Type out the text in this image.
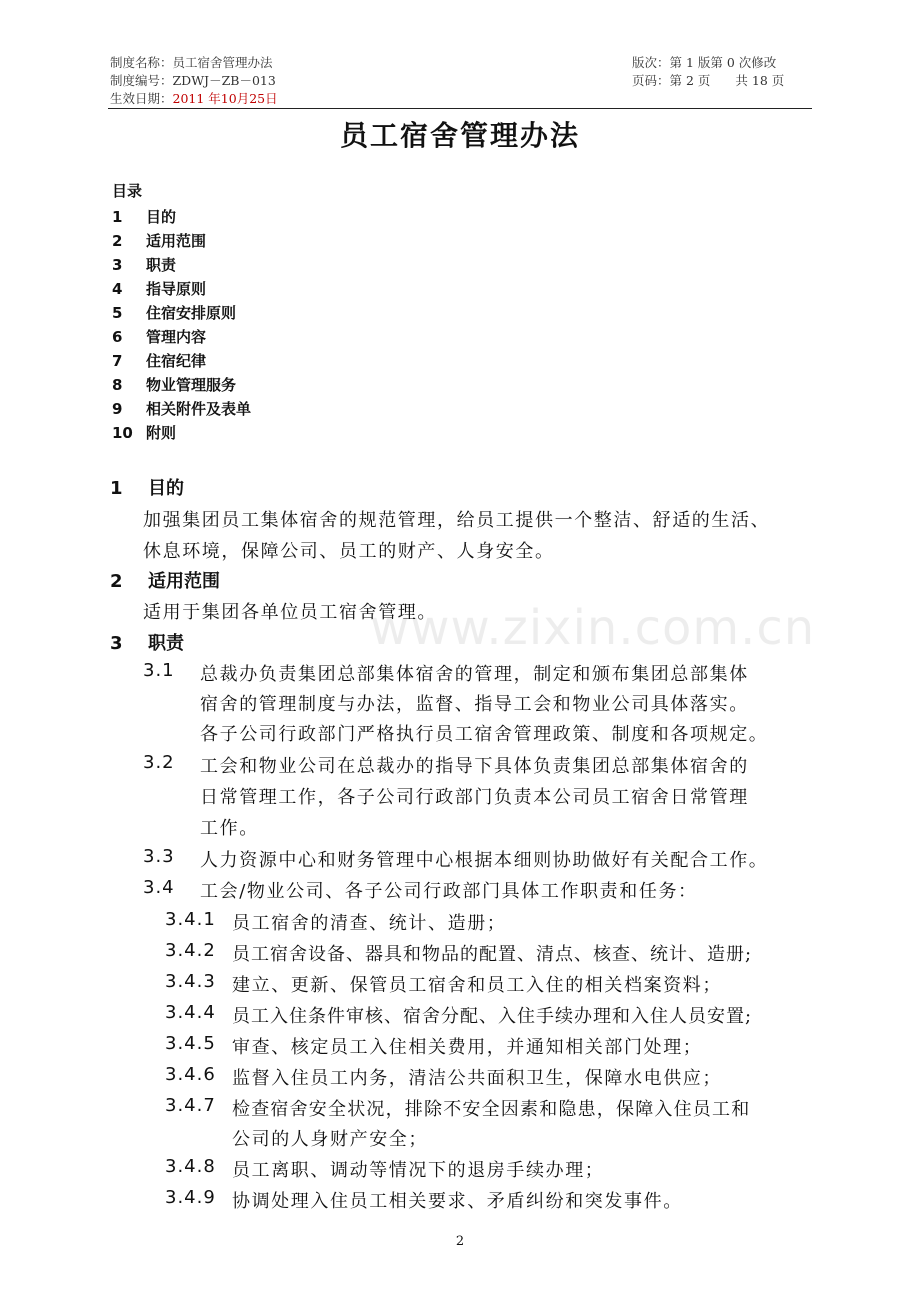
制度名称：员工宿舍管理办法	版次：第 1 版第 0 次修改
制度编号：ZDWJ－ZB－013	页码：第 2 页　　共 18 页
生效日期：2011 年10月25日
员工宿舍管理办法
目录
1 目的
2 适用范围
3 职责
4 指导原则
5 住宿安排原则
6 管理内容
7 住宿纪律
8 物业管理服务
9 相关附件及表单
10 附则
1 目的
加强集团员工集体宿舍的规范管理，给员工提供一个整洁、舒适的生活、
休息环境，保障公司、员工的财产、人身安全。
2 适用范围
适用于集团各单位员工宿舍管理。
3 职责
3.1 总裁办负责集团总部集体宿舍的管理，制定和颁布集团总部集体
宿舍的管理制度与办法，监督、指导工会和物业公司具体落实。
各子公司行政部门严格执行员工宿舍管理政策、制度和各项规定。
3.2 工会和物业公司在总裁办的指导下具体负责集团总部集体宿舍的
日常管理工作，各子公司行政部门负责本公司员工宿舍日常管理
工作。
3.3 人力资源中心和财务管理中心根据本细则协助做好有关配合工作。
3.4 工会/物业公司、各子公司行政部门具体工作职责和任务：
3.4.1 员工宿舍的清查、统计、造册；
3.4.2 员工宿舍设备、器具和物品的配置、清点、核查、统计、造册;
3.4.3 建立、更新、保管员工宿舍和员工入住的相关档案资料；
3.4.4 员工入住条件审核、宿舍分配、入住手续办理和入住人员安置;
3.4.5 审查、核定员工入住相关费用，并通知相关部门处理；
3.4.6 监督入住员工内务，清洁公共面积卫生，保障水电供应；
3.4.7 检查宿舍安全状况，排除不安全因素和隐患，保障入住员工和
公司的人身财产安全；
3.4.8 员工离职、调动等情况下的退房手续办理；
3.4.9 协调处理入住员工相关要求、矛盾纠纷和突发事件。
www.zixin.com.cn
2
